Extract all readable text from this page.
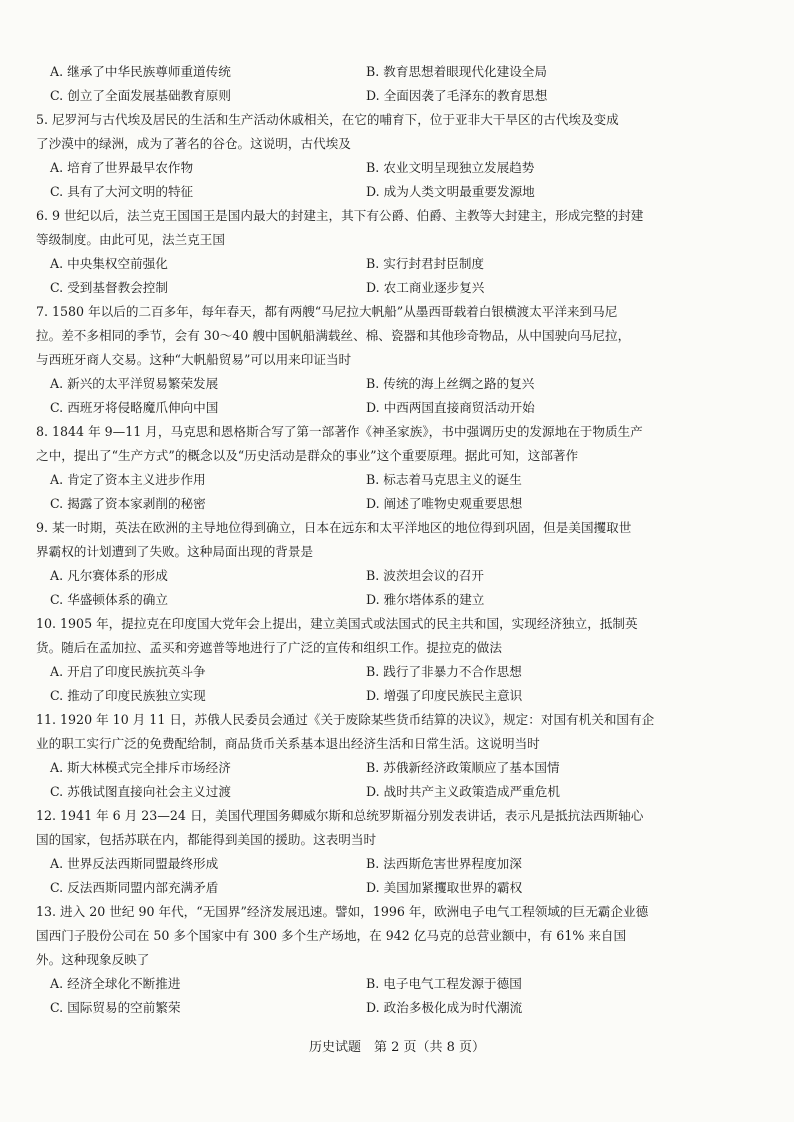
A. 继承了中华民族尊师重道传统	B. 教育思想着眼现代化建设全局
C. 创立了全面发展基础教育原则	D. 全面因袭了毛泽东的教育思想
5. 尼罗河与古代埃及居民的生活和生产活动休戚相关，在它的哺育下，位于亚非大干旱区的古代埃及变成
了沙漠中的绿洲，成为了著名的谷仓。这说明，古代埃及
A. 培育了世界最早农作物	B. 农业文明呈现独立发展趋势
C. 具有了大河文明的特征	D. 成为人类文明最重要发源地
6. 9 世纪以后，法兰克王国国王是国内最大的封建主，其下有公爵、伯爵、主教等大封建主，形成完整的封建
等级制度。由此可见，法兰克王国
A. 中央集权空前强化	B. 实行封君封臣制度
C. 受到基督教会控制	D. 农工商业逐步复兴
7. 1580 年以后的二百多年，每年春天，都有两艘“马尼拉大帆船”从墨西哥载着白银横渡太平洋来到马尼
拉。差不多相同的季节，会有 30～40 艘中国帆船满载丝、棉、瓷器和其他珍奇物品，从中国驶向马尼拉，
与西班牙商人交易。这种“大帆船贸易”可以用来印证当时
A. 新兴的太平洋贸易繁荣发展	B. 传统的海上丝绸之路的复兴
C. 西班牙将侵略魔爪伸向中国	D. 中西两国直接商贸活动开始
8. 1844 年 9—11 月，马克思和恩格斯合写了第一部著作《神圣家族》，书中强调历史的发源地在于物质生产
之中，提出了“生产方式”的概念以及“历史活动是群众的事业”这个重要原理。据此可知，这部著作
A. 肯定了资本主义进步作用	B. 标志着马克思主义的诞生
C. 揭露了资本家剥削的秘密	D. 阐述了唯物史观重要思想
9. 某一时期，英法在欧洲的主导地位得到确立，日本在远东和太平洋地区的地位得到巩固，但是美国攫取世
界霸权的计划遭到了失败。这种局面出现的背景是
A. 凡尔赛体系的形成	B. 波茨坦会议的召开
C. 华盛顿体系的确立	D. 雅尔塔体系的建立
10. 1905 年，提拉克在印度国大党年会上提出，建立美国式或法国式的民主共和国，实现经济独立，抵制英
货。随后在孟加拉、孟买和旁遮普等地进行了广泛的宣传和组织工作。提拉克的做法
A. 开启了印度民族抗英斗争	B. 践行了非暴力不合作思想
C. 推动了印度民族独立实现	D. 增强了印度民族民主意识
11. 1920 年 10 月 11 日，苏俄人民委员会通过《关于废除某些货币结算的决议》，规定：对国有机关和国有企
业的职工实行广泛的免费配给制，商品货币关系基本退出经济生活和日常生活。这说明当时
A. 斯大林模式完全排斥市场经济	B. 苏俄新经济政策顺应了基本国情
C. 苏俄试图直接向社会主义过渡	D. 战时共产主义政策造成严重危机
12. 1941 年 6 月 23—24 日，美国代理国务卿威尔斯和总统罗斯福分别发表讲话，表示凡是抵抗法西斯轴心
国的国家，包括苏联在内，都能得到美国的援助。这表明当时
A. 世界反法西斯同盟最终形成	B. 法西斯危害世界程度加深
C. 反法西斯同盟内部充满矛盾	D. 美国加紧攫取世界的霸权
13. 进入 20 世纪 90 年代，“无国界”经济发展迅速。譬如，1996 年，欧洲电子电气工程领域的巨无霸企业德
国西门子股份公司在 50 多个国家中有 300 多个生产场地，在 942 亿马克的总营业额中，有 61% 来自国
外。这种现象反映了
A. 经济全球化不断推进	B. 电子电气工程发源于德国
C. 国际贸易的空前繁荣	D. 政治多极化成为时代潮流
历史试题　第 2 页（共 8 页）
